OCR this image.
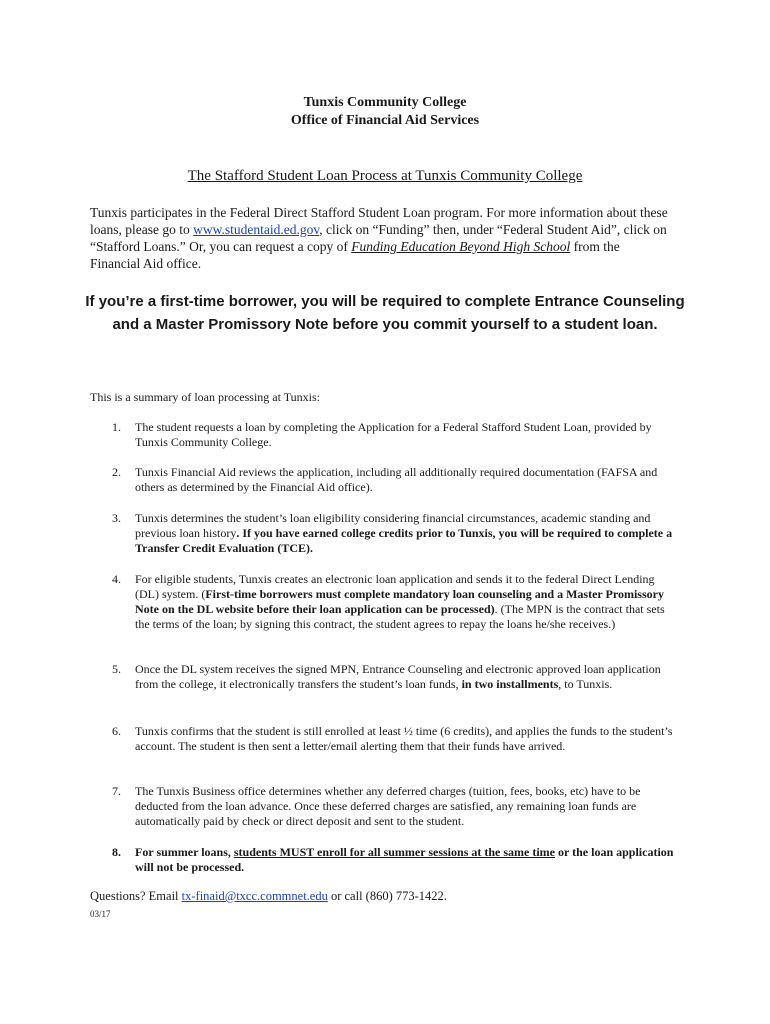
Tunxis Community College
Office of Financial Aid Services
The Stafford Student Loan Process at Tunxis Community College
Tunxis participates in the Federal Direct Stafford Student Loan program. For more information about these loans, please go to www.studentaid.ed.gov, click on “Funding” then, under “Federal Student Aid”, click on “Stafford Loans.” Or, you can request a copy of Funding Education Beyond High School from the Financial Aid office.
If you’re a first-time borrower, you will be required to complete Entrance Counseling and a Master Promissory Note before you commit yourself to a student loan.
This is a summary of loan processing at Tunxis:
1.	The student requests a loan by completing the Application for a Federal Stafford Student Loan, provided by Tunxis Community College.
2.	Tunxis Financial Aid reviews the application, including all additionally required documentation (FAFSA and others as determined by the Financial Aid office).
3.	Tunxis determines the student’s loan eligibility considering financial circumstances, academic standing and previous loan history. If you have earned college credits prior to Tunxis, you will be required to complete a Transfer Credit Evaluation (TCE).
4.	For eligible students, Tunxis creates an electronic loan application and sends it to the federal Direct Lending (DL) system. (First-time borrowers must complete mandatory loan counseling and a Master Promissory Note on the DL website before their loan application can be processed). (The MPN is the contract that sets the terms of the loan; by signing this contract, the student agrees to repay the loans he/she receives.)
5.	Once the DL system receives the signed MPN, Entrance Counseling and electronic approved loan application from the college, it electronically transfers the student’s loan funds, in two installments, to Tunxis.
6.	Tunxis confirms that the student is still enrolled at least ½ time (6 credits), and applies the funds to the student’s account. The student is then sent a letter/email alerting them that their funds have arrived.
7.	The Tunxis Business office determines whether any deferred charges (tuition, fees, books, etc) have to be deducted from the loan advance. Once these deferred charges are satisfied, any remaining loan funds are automatically paid by check or direct deposit and sent to the student.
8.	For summer loans, students MUST enroll for all summer sessions at the same time or the loan application will not be processed.
Questions? Email tx-finaid@txcc.commnet.edu or call (860) 773-1422.
03/17
